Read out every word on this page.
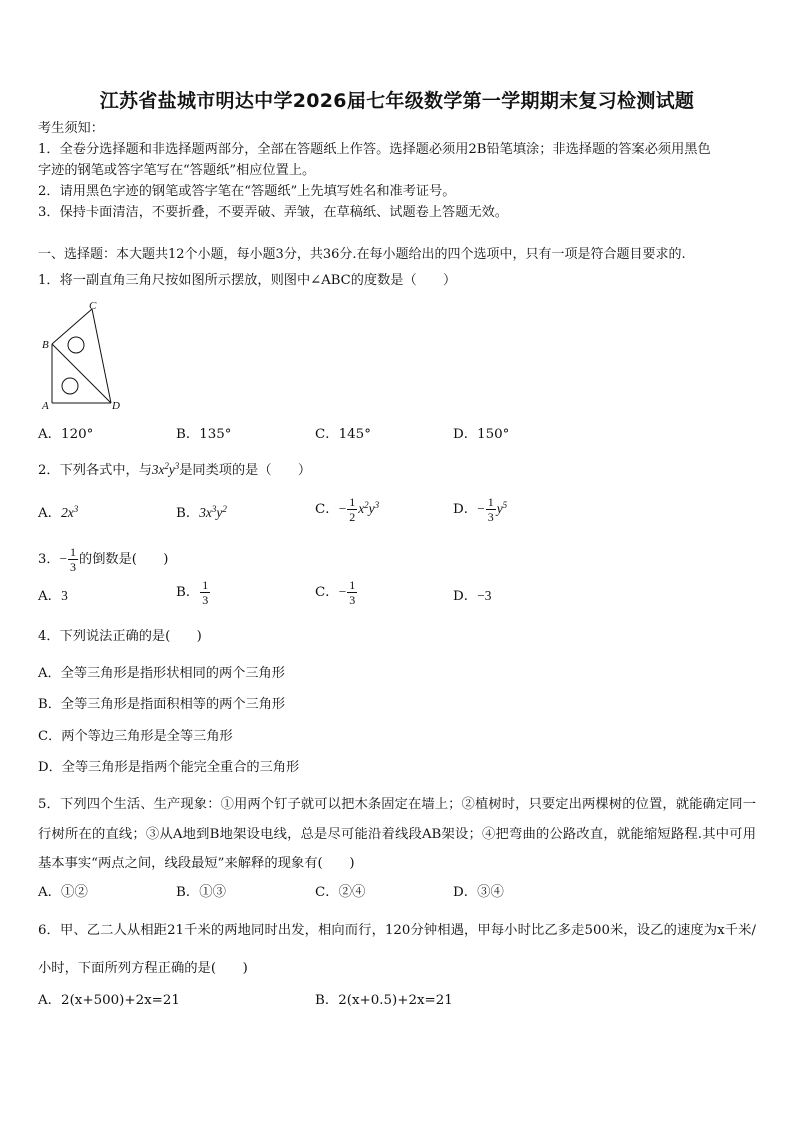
江苏省盐城市明达中学2026届七年级数学第一学期期末复习检测试题
考生须知：
1．全卷分选择题和非选择题两部分，全部在答题纸上作答。选择题必须用2B铅笔填涂；非选择题的答案必须用黑色
字迹的钢笔或答字笔写在“答题纸”相应位置上。
2．请用黑色字迹的钢笔或答字笔在“答题纸”上先填写姓名和准考证号。
3．保持卡面清洁，不要折叠，不要弄破、弄皱，在草稿纸、试题卷上答题无效。
一、选择题：本大题共12个小题，每小题3分，共36分.在每小题给出的四个选项中，只有一项是符合题目要求的.
1．将一副直角三角尺按如图所示摆放，则图中∠ABC的度数是（　　）
C
B
A	D
A．120°	B．135°	C．145°	D．150°
2．下列各式中，与$3x^2y^3$是同类项的是（　　）
A．$2x^3$	B．$3x^3y^2$	C．− $\frac{1}{2} x^2y^3$	D．− $\frac{1}{3} y^5$
3．− $\frac{1}{3}$ 的倒数是(　　)
A．3	B． $\frac{1}{3}$	C．− $\frac{1}{3}$	D．−3
4．下列说法正确的是(　　)
A．全等三角形是指形状相同的两个三角形
B．全等三角形是指面积相等的两个三角形
C．两个等边三角形是全等三角形
D．全等三角形是指两个能完全重合的三角形
5．下列四个生活、生产现象：①用两个钉子就可以把木条固定在墙上；②植树时，只要定出两棵树的位置，就能确定同一行树所在的直线；③从A地到B地架设电线，总是尽可能沿着线段AB架设；④把弯曲的公路改直，就能缩短路程.其中可用基本事实“两点之间，线段最短”来解释的现象有(　　)
A．①②	B．①③	C．②④	D．③④
6．甲、乙二人从相距21千米的两地同时出发，相向而行，120分钟相遇，甲每小时比乙多走500米，设乙的速度为x千米/小时，下面所列方程正确的是(　　)
A．2(x+500)+2x=21	B．2(x+0.5)+2x=21
